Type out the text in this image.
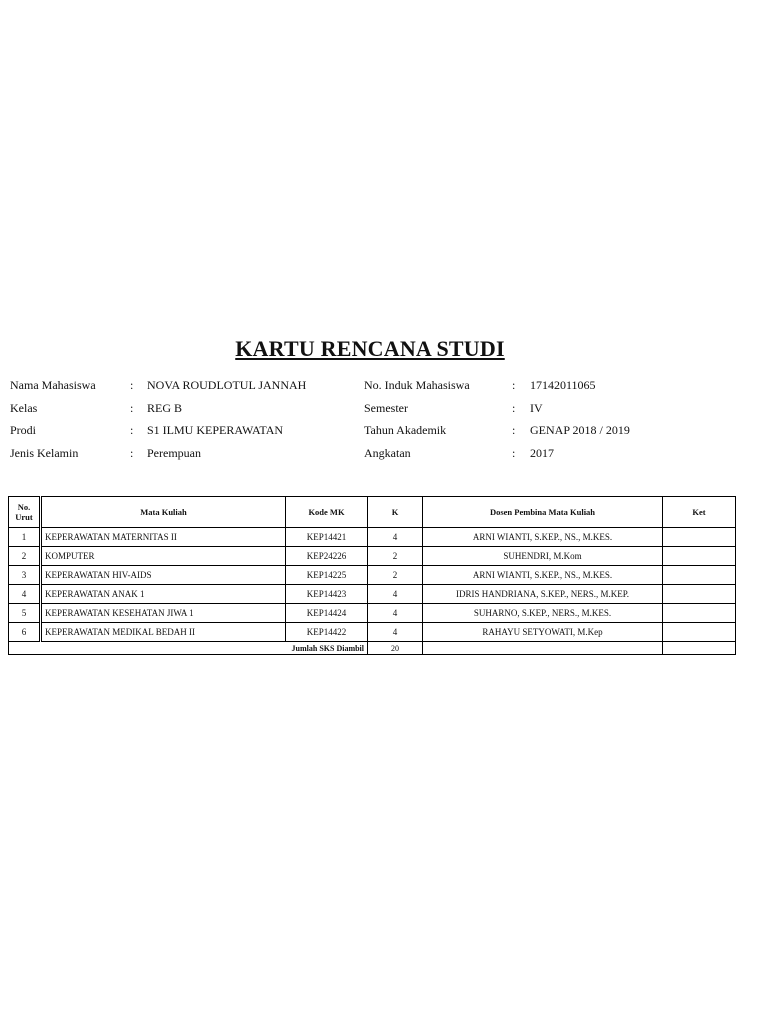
KARTU RENCANA STUDI
Nama Mahasiswa	: NOVA ROUDLOTUL JANNAH	No. Induk Mahasiswa	: 17142011065
Kelas	: REG B	Semester	: IV
Prodi	: S1 ILMU KEPERAWATAN	Tahun Akademik	: GENAP 2018 / 2019
Jenis Kelamin	: Perempuan	Angkatan	: 2017
No.
Urut	Mata Kuliah	Kode MK	K	Dosen Pembina Mata Kuliah	Ket
1	KEPERAWATAN MATERNITAS II	KEP14421	4	ARNI WIANTI, S.KEP., NS., M.KES.	
2	KOMPUTER	KEP24226	2	SUHENDRI, M.Kom	
3	KEPERAWATAN HIV-AIDS	KEP14225	2	ARNI WIANTI, S.KEP., NS., M.KES.	
4	KEPERAWATAN ANAK 1	KEP14423	4	IDRIS HANDRIANA, S.KEP., NERS., M.KEP.	
5	KEPERAWATAN KESEHATAN JIWA 1	KEP14424	4	SUHARNO, S.KEP., NERS., M.KES.	
6	KEPERAWATAN MEDIKAL BEDAH II	KEP14422	4	RAHAYU SETYOWATI, M.Kep	
Jumlah SKS Diambil			20		
